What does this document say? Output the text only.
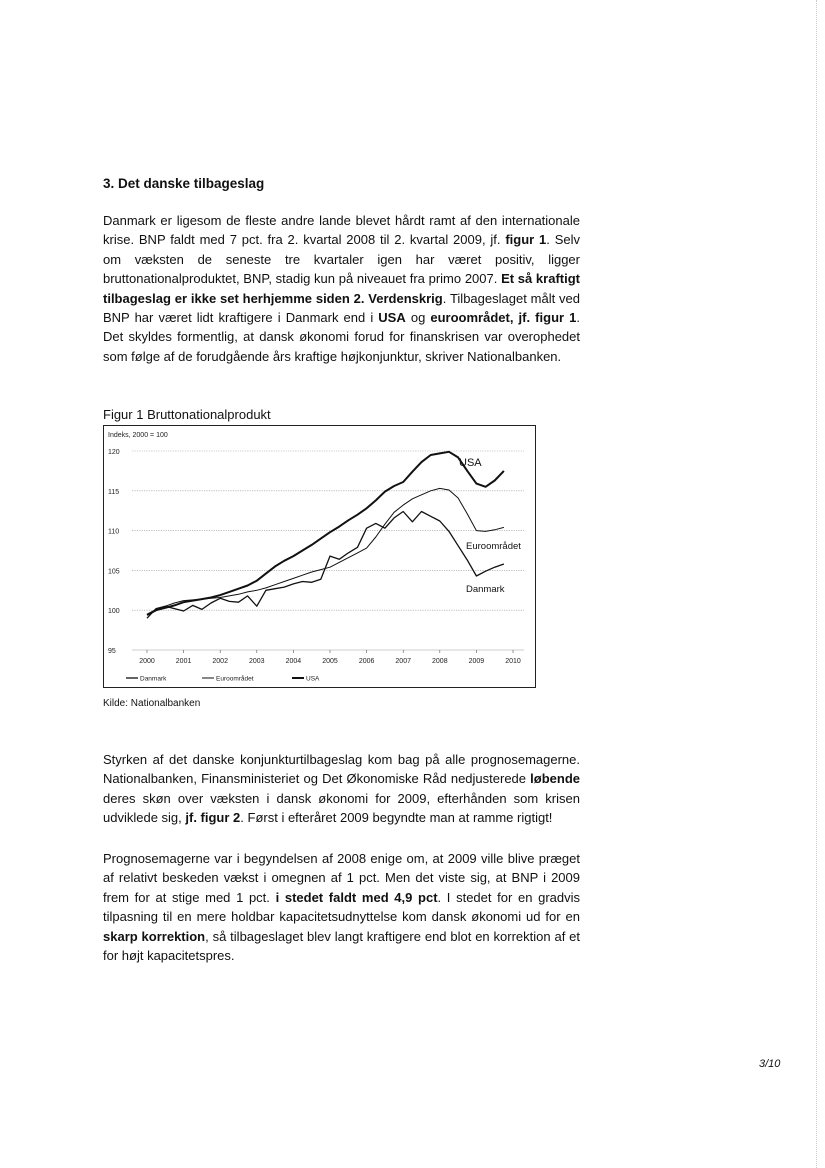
3. Det danske tilbageslag

Danmark er ligesom de fleste andre lande blevet hårdt ramt af den internationale krise. BNP faldt med 7 pct. fra 2. kvartal 2008 til 2. kvartal 2009, jf. figur 1. Selv om væksten de seneste tre kvartaler igen har været positiv, ligger bruttonationalproduktet, BNP, stadig kun på niveauet fra primo 2007. Et så kraftigt tilbageslag er ikke set herhjemme siden 2. Verdenskrig. Tilbageslaget målt ved BNP har været lidt kraftigere i Danmark end i USA og euroområdet, jf. figur 1. Det skyldes formentlig, at dansk økonomi forud for finanskrisen var overophedet som følge af de forudgående års kraftige højkonjunktur, skriver Nationalbanken.

Figur 1 Bruttonationalprodukt
Indeks, 2000 = 100
95
100
105
110
115
120
2000	2001	2002	2003	2004	2005	2006	2007	2008	2009	2010
USA
Euroområdet
Danmark
Danmark	Euroområdet	USA
Kilde: Nationalbanken

Styrken af det danske konjunkturtilbageslag kom bag på alle prognosemagerne. Nationalbanken, Finansministeriet og Det Økonomiske Råd nedjusterede løbende deres skøn over væksten i dansk økonomi for 2009, efterhånden som krisen udviklede sig, jf. figur 2. Først i efteråret 2009 begyndte man at ramme rigtigt!

Prognosemagerne var i begyndelsen af 2008 enige om, at 2009 ville blive præget af relativt beskeden vækst i omegnen af 1 pct. Men det viste sig, at BNP i 2009 frem for at stige med 1 pct. i stedet faldt med 4,9 pct. I stedet for en gradvis tilpasning til en mere holdbar kapacitetsudnyttelse kom dansk økonomi ud for en skarp korrektion, så tilbageslaget blev langt kraftigere end blot en korrektion af et for højt kapacitetspres.

3/10
